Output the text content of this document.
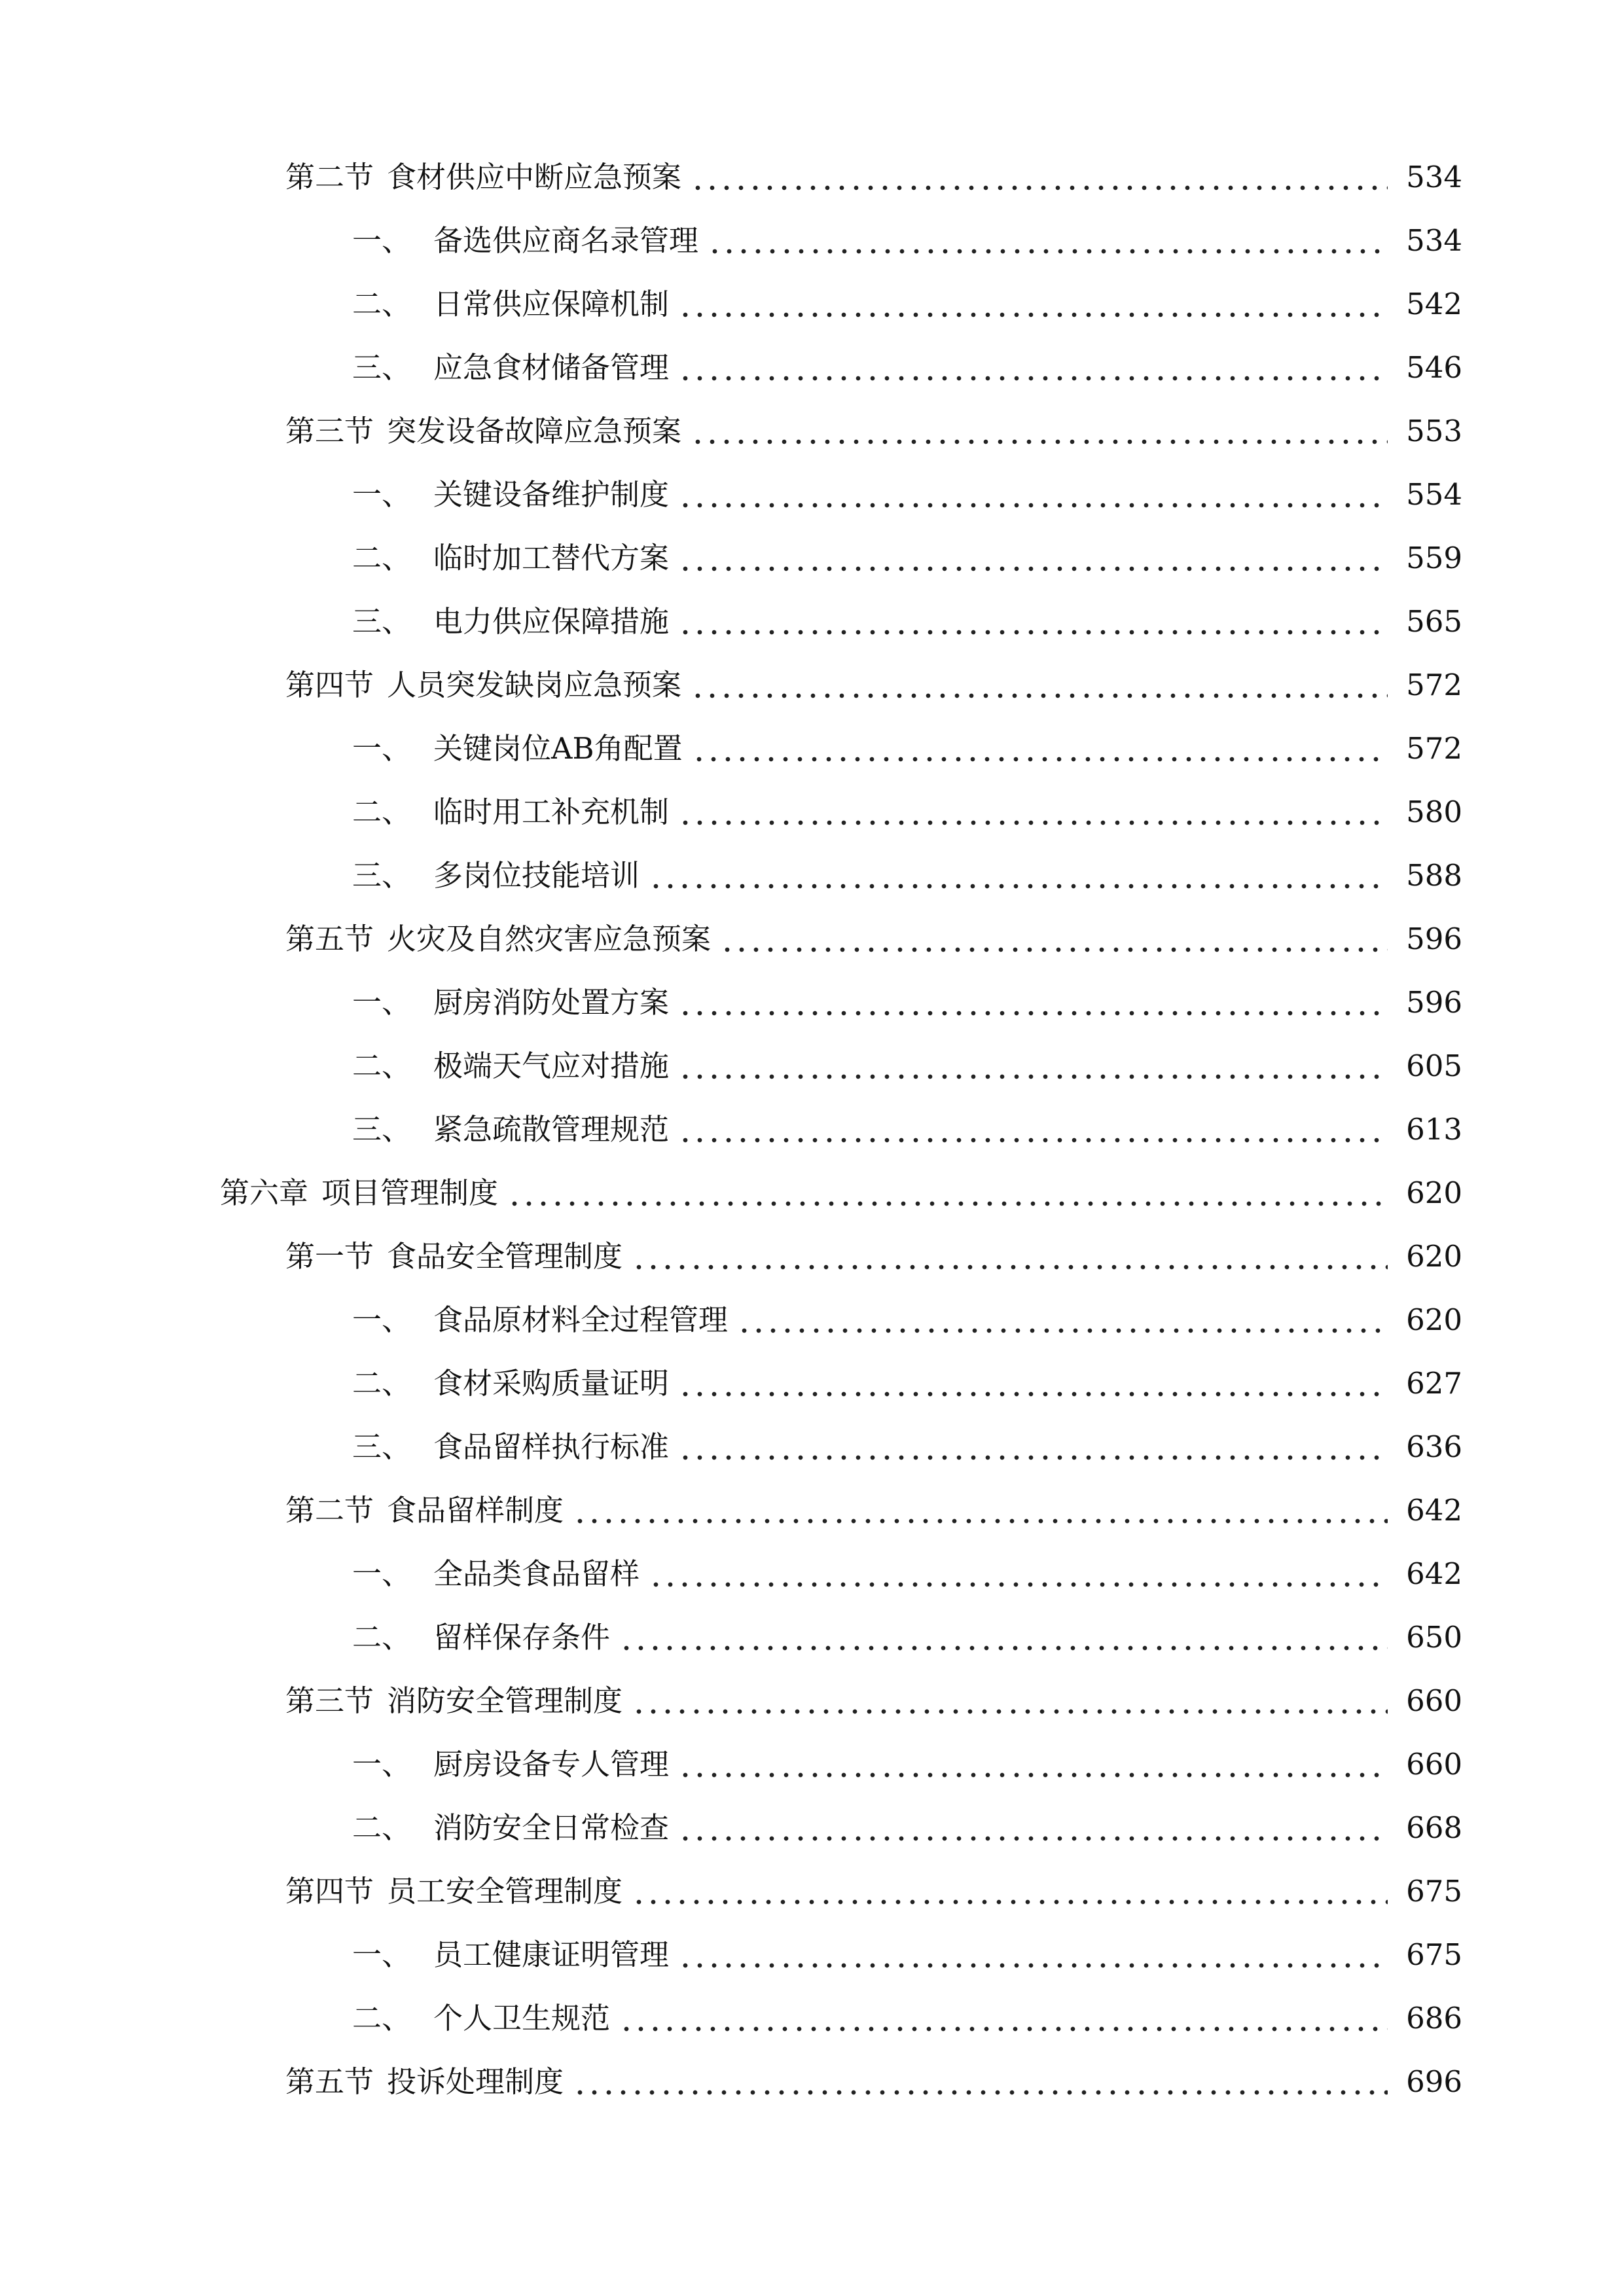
第二节 食材供应中断应急预案	534
一、 备选供应商名录管理	534
二、 日常供应保障机制	542
三、 应急食材储备管理	546
第三节 突发设备故障应急预案	553
一、 关键设备维护制度	554
二、 临时加工替代方案	559
三、 电力供应保障措施	565
第四节 人员突发缺岗应急预案	572
一、 关键岗位AB角配置	572
二、 临时用工补充机制	580
三、 多岗位技能培训	588
第五节 火灾及自然灾害应急预案	596
一、 厨房消防处置方案	596
二、 极端天气应对措施	605
三、 紧急疏散管理规范	613
第六章 项目管理制度	620
第一节 食品安全管理制度	620
一、 食品原材料全过程管理	620
二、 食材采购质量证明	627
三、 食品留样执行标准	636
第二节 食品留样制度	642
一、 全品类食品留样	642
二、 留样保存条件	650
第三节 消防安全管理制度	660
一、 厨房设备专人管理	660
二、 消防安全日常检查	668
第四节 员工安全管理制度	675
一、 员工健康证明管理	675
二、 个人卫生规范	686
第五节 投诉处理制度	696
